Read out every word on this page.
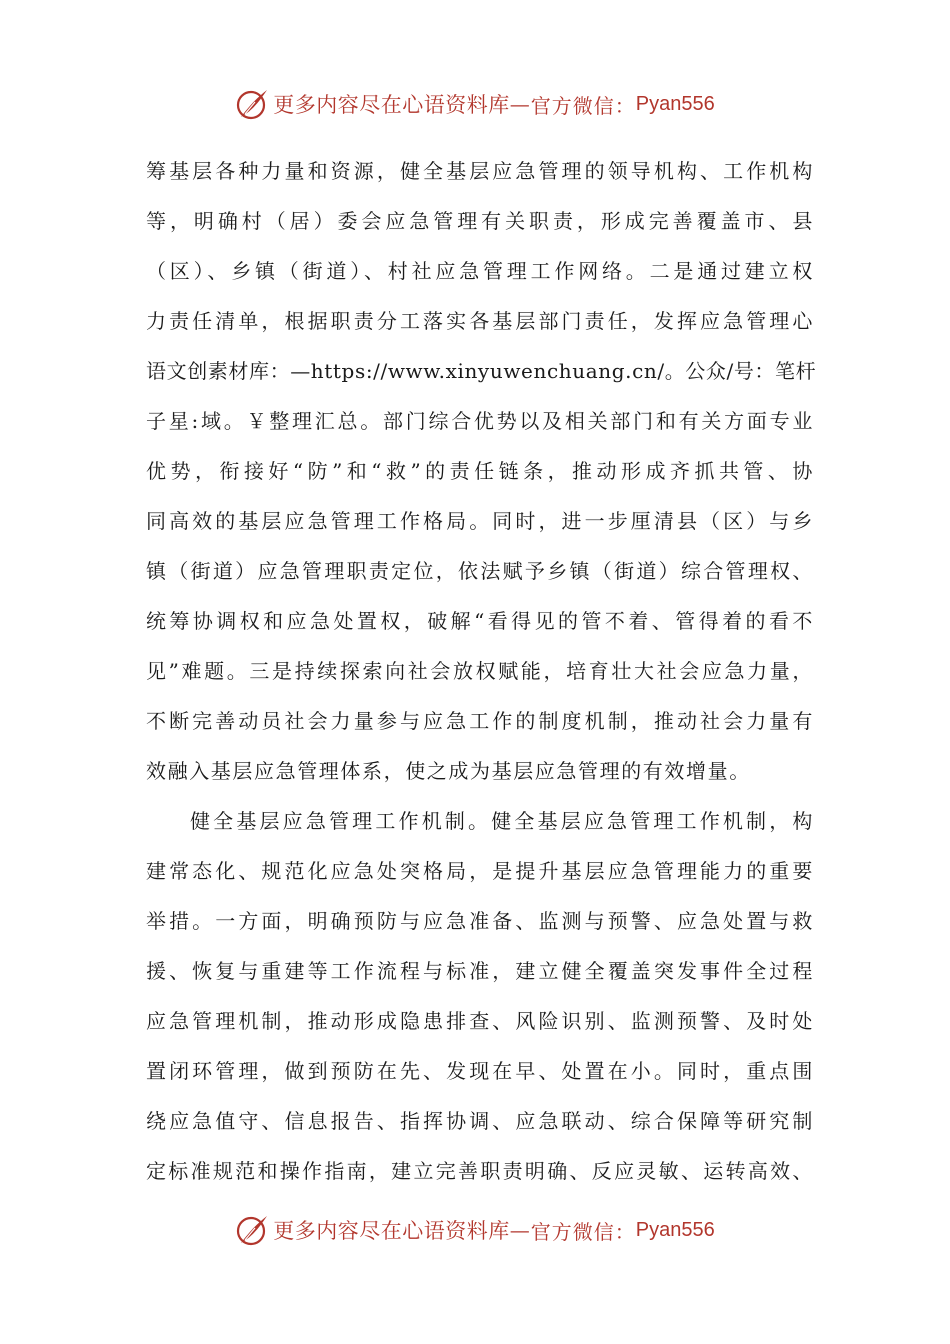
更多内容尽在心语资料库 — 官方微信： Pyan556
筹基层各种力量和资源，健全基层应急管理的领导机构、工作机构
等，明确村（居）委会应急管理有关职责，形成完善覆盖市、县
（区）、乡镇（街道）、村社应急管理工作网络。二是通过建立权
力责任清单，根据职责分工落实各基层部门责任，发挥应急管理心
语文创素材库：—https://www.xinyuwenchuang.cn/。公众/号：笔杆
子星:域。￥整理汇总。部门综合优势以及相关部门和有关方面专业
优势，衔接好“防”和“救”的责任链条，推动形成齐抓共管、协
同高效的基层应急管理工作格局。同时，进一步厘清县（区）与乡
镇（街道）应急管理职责定位，依法赋予乡镇（街道）综合管理权、
统筹协调权和应急处置权，破解“看得见的管不着、管得着的看不
见”难题。三是持续探索向社会放权赋能，培育壮大社会应急力量，
不断完善动员社会力量参与应急工作的制度机制，推动社会力量有
效融入基层应急管理体系，使之成为基层应急管理的有效增量。
健全基层应急管理工作机制。健全基层应急管理工作机制，构
建常态化、规范化应急处突格局，是提升基层应急管理能力的重要
举措。一方面，明确预防与应急准备、监测与预警、应急处置与救
援、恢复与重建等工作流程与标准，建立健全覆盖突发事件全过程
应急管理机制，推动形成隐患排查、风险识别、监测预警、及时处
置闭环管理，做到预防在先、发现在早、处置在小。同时，重点围
绕应急值守、信息报告、指挥协调、应急联动、综合保障等研究制
定标准规范和操作指南，建立完善职责明确、反应灵敏、运转高效、
更多内容尽在心语资料库 — 官方微信： Pyan556
